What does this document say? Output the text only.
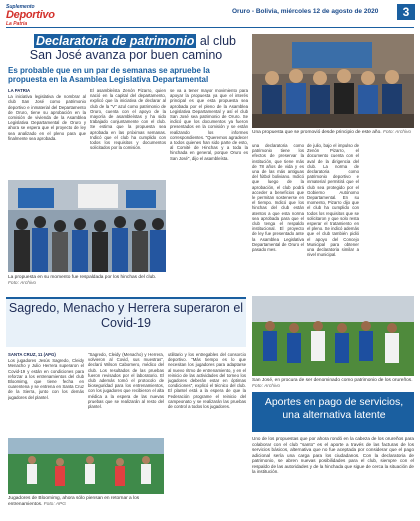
Suplemento
Deportivo
La Patria
Oruro - Bolivia, miércoles 12 de agosto de 2020	3
Declaratoria de patrimonio al club
San José avanza por buen camino
Es probable que en un par de semanas se apruebe la propuesta en la Asamblea Legislativa Departamental
LA PATRIA
La iniciativa legislativa de nombrar al club San José como patrimonio deportivo e inmaterial del Departamento de Oruro, tiene su aprobación en la comisión de vivienda de la Asamblea Legislativa Departamental de Oruro y ahora se espera que el proyecto de ley sea analizado en el pleno para que finalmente sea aprobada.
El asambleísta Zenón Pizarro, quien nació en la capital del departamento, explicó que la iniciativa de declarar al club de la "V" azul como patrimonio de Oruro, cuenta con el apoyo de la mayoría de asambleístas y ha sido trabajado conjuntamente con el club. Se estima que la propuesta sea aprobada en las próximas semanas. Indicó que el club ha cumplido con todos los requisitos y documentos solicitados por la comisión.
se va a tener mayor movimiento para apoyar la propuesta ya que el interés principal es que esta propuesta sea aprobada por el pleno de la Asamblea Legislativa Departamental y así el club San José sea patrimonio de Oruro. Se indicó que los documentos ya fueron presentados en la comisión y se están realizando los informes correspondientes. "Queremos agradecer a todos quienes han sido parte de esto, al Comité de Hinchas y a toda la hinchada en general, porque Oruro es San José", dijo el asambleísta.
La propuesta en su momento fue respaldada por los hinchas del club. Foto: Archivo
Una propuesta que se promovió desde principio de este año. Foto: Archivo
una declaratoria como patrimonio tiene los efectos de preservar la institución, que tiene más de 78 años de vida y es una de las más antiguas del fútbol boliviano. Indicó que luego de la aprobación, el club podrá acceder a beneficios que le permitan sostenerse en el tiempo. Indicó que los hinchas del club están atentos a que esta norma sea aprobada para que el club tenga el respaldo institucional. El proyecto de ley fue presentado ante la Asamblea Legislativa Departamental de Oruro el pasado mes.
de julio, bajo el impulso de Zenón Pizarro, el documento cuenta con el aval de la dirigencia del club. La norma de declaratoria como patrimonio deportivo e inmaterial permitirá que el club sea protegido por el Gobierno Autónomo Departamental. En su momento, Pizarro dijo que el club ha cumplido con todos los requisitos que se solicitaron y que solo resta esperar el tratamiento en el pleno. Se indicó además que el club también pidió el apoyo del Concejo Municipal para obtener una declaratoria similar a nivel municipal.
Sagredo, Menacho y Herrera superaron el Covid-19
SANTA CRUZ, 11 (APG)
Los jugadores Jesús Sagredo, Cleidy Menacho y Julio Herrera superaron el Covid-19 y están en condiciones para reforzar a los entrenamientos del club Bloomimg, que tiene fecha en cuarentena y se entrena en Santa Cruz de la Sierra, junto con los demás jugadores del plantel.
"Sagredo, Cleidy (Menacho) y Herrera, volvieron al Covid, sus muestras", declaró Wilson Cabornero, médico del club. Los resultados de las pruebas fueron revisados por el laboratorio. El club además tomó el protocolo de bioseguridad para los entrenamientos, con los jugadores que recibieron el alta médica a la espera de las nuevas pruebas que se realizarán al resto del plantel.
utilitario y los entregables del consorcio deportivo. "Más tiempo es lo que necesitan los jugadores para adaptarse al nuevo ritmo de entrenamiento, y en el reinicio de las actividades del torneo los jugadores deberán estar en óptimas condiciones", explicó el técnico del club. El plantel está a la espera de que la Federación programe el reinicio del campeonato y se realizarán las pruebas de control a todos los jugadores.
Jugadores de Bloomimg, ahora sólo piensan en retornar a los entrenamientos. Foto: APG
San José, en procura de ser denominado como patrimonio de los orureños. Foto: Archivo
Aportes en pago de servicios, una alternativa latente
Uno de los propuestas que por ahora rondó en la cabeza de los orureños para colaborar con el club "santo" es el aporte a través de las facturas de los servicios básicos, alternativa que no fue aceptada por considerar que el pago adicional sería una carga para los ciudadanos. Con la declaratoria de patrimonio, se abren nuevas posibilidades para el club, siempre con el respaldo de las autoridades y de la hinchada que sigue de cerca la situación de la institución.
